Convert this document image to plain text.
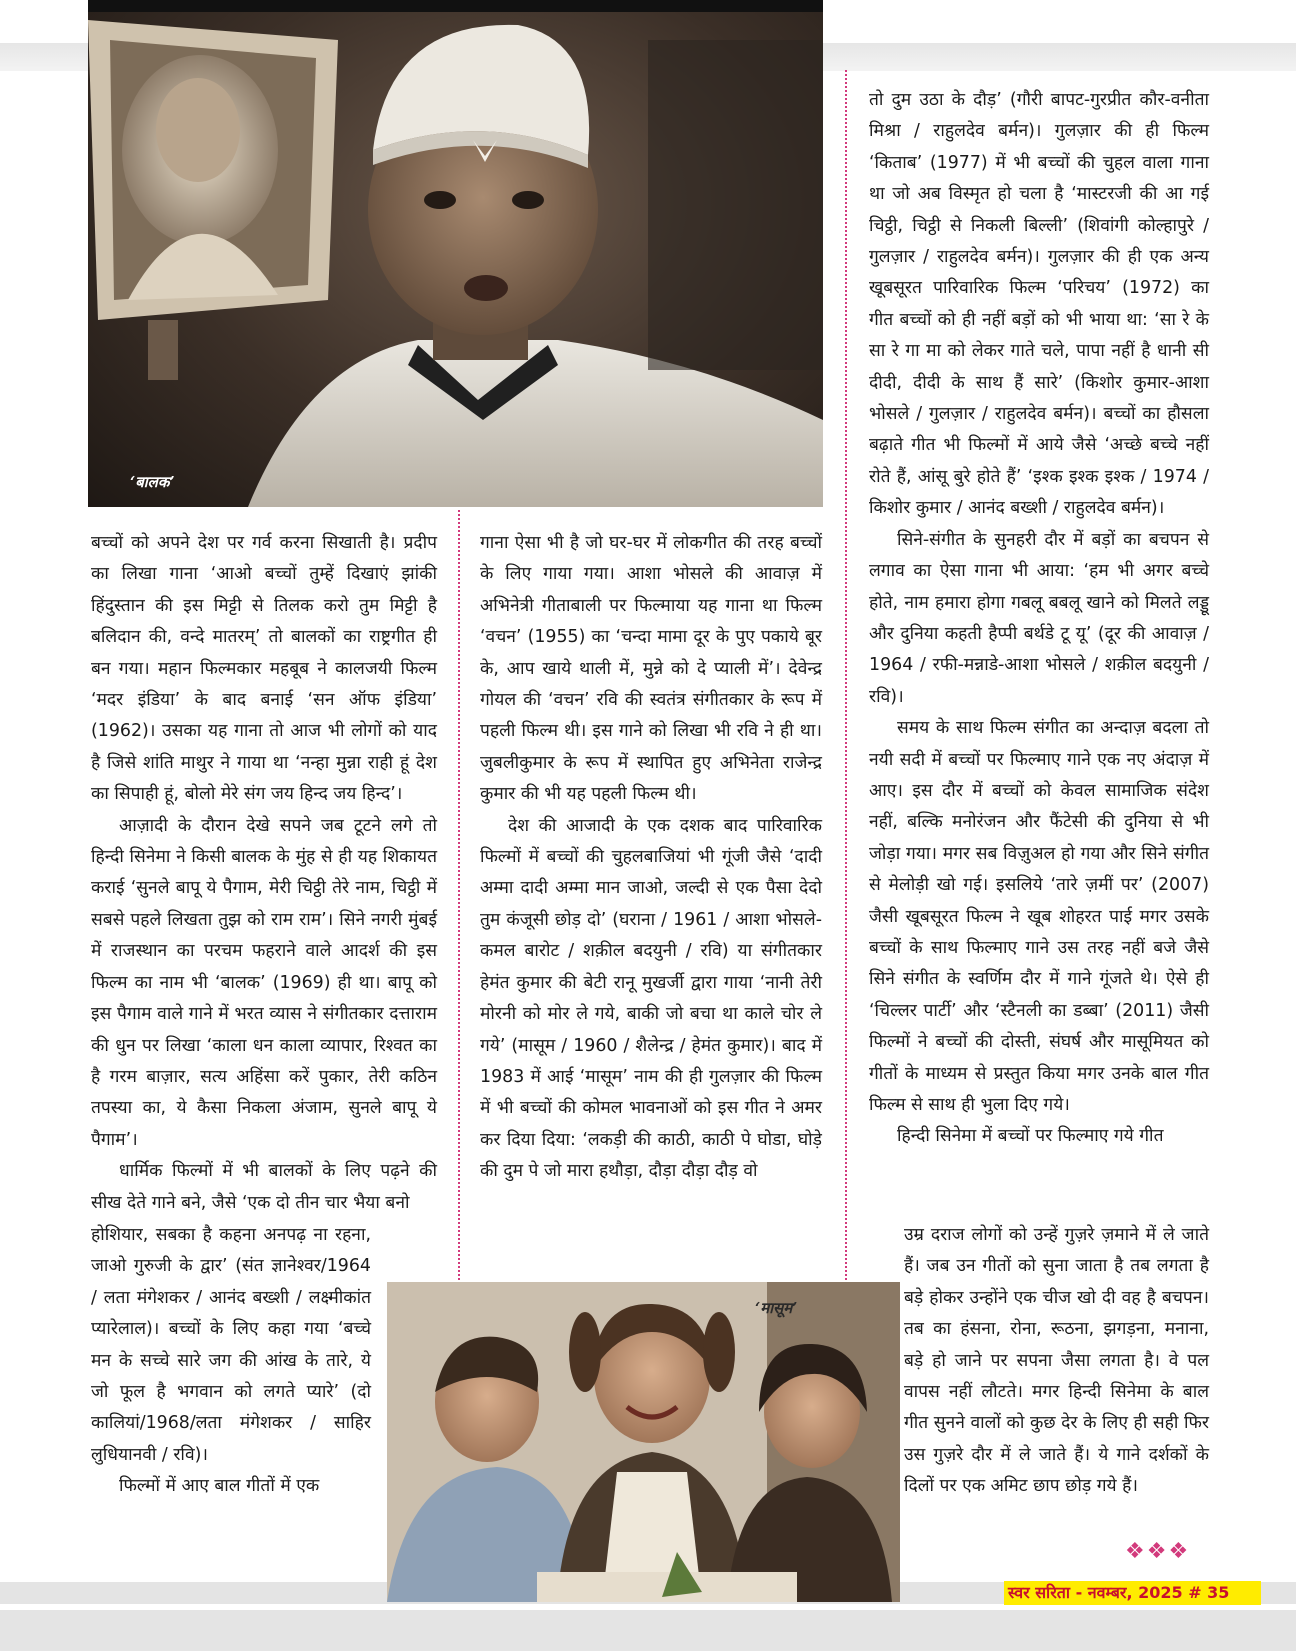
‘बालक’

बच्चों को अपने देश पर गर्व करना सिखाती है। प्रदीप का लिखा गाना ‘आओ बच्चों तुम्हें दिखाएं झांकी हिंदुस्तान की इस मिट्टी से तिलक करो तुम मिट्टी है बलिदान की, वन्दे मातरम्’ तो बालकों का राष्ट्रगीत ही बन गया। महान फिल्मकार महबूब ने कालजयी फिल्म ‘मदर इंडिया’ के बाद बनाई ‘सन ऑफ इंडिया’ (1962)। उसका यह गाना तो आज भी लोगों को याद है जिसे शांति माथुर ने गाया था ‘नन्हा मुन्ना राही हूं देश का सिपाही हूं, बोलो मेरे संग जय हिन्द जय हिन्द’।

आज़ादी के दौरान देखे सपने जब टूटने लगे तो हिन्दी सिनेमा ने किसी बालक के मुंह से ही यह शिकायत कराई ‘सुनले बापू ये पैगाम, मेरी चिट्ठी तेरे नाम, चिट्ठी में सबसे पहले लिखता तुझ को राम राम’। सिने नगरी मुंबई में राजस्थान का परचम फहराने वाले आदर्श की इस फिल्म का नाम भी ‘बालक’ (1969) ही था। बापू को इस पैगाम वाले गाने में भरत व्यास ने संगीतकार दत्ताराम की धुन पर लिखा ‘काला धन काला व्यापार, रिश्वत का है गरम बाज़ार, सत्य अहिंसा करें पुकार, तेरी कठिन तपस्या का, ये कैसा निकला अंजाम, सुनले बापू ये पैगाम’।

धार्मिक फिल्मों में भी बालकों के लिए पढ़ने की सीख देते गाने बने, जैसे ‘एक दो तीन चार भैया बनो

होशियार, सबका है कहना अनपढ़ ना रहना, जाओ गुरुजी के द्वार’ (संत ज्ञानेश्वर/1964 / लता मंगेशकर / आनंद बख्शी / लक्ष्मीकांत प्यारेलाल)। बच्चों के लिए कहा गया ‘बच्चे मन के सच्चे सारे जग की आंख के तारे, ये जो फूल है भगवान को लगते प्यारे’ (दो कालियां/1968/लता मंगेशकर / साहिर लुधियानवी / रवि)।

फिल्मों में आए बाल गीतों में एक

गाना ऐसा भी है जो घर-घर में लोकगीत की तरह बच्चों के लिए गाया गया। आशा भोसले की आवाज़ में अभिनेत्री गीताबाली पर फिल्माया यह गाना था फिल्म ‘वचन’ (1955) का ‘चन्दा मामा दूर के पुए पकाये बूर के, आप खाये थाली में, मुन्ने को दे प्याली में’। देवेन्द्र गोयल की ‘वचन’ रवि की स्वतंत्र संगीतकार के रूप में पहली फिल्म थी। इस गाने को लिखा भी रवि ने ही था। जुबलीकुमार के रूप में स्थापित हुए अभिनेता राजेन्द्र कुमार की भी यह पहली फिल्म थी।

देश की आजादी के एक दशक बाद पारिवारिक फिल्मों में बच्चों की चुहलबाजियां भी गूंजी जैसे ‘दादी अम्मा दादी अम्मा मान जाओ, जल्दी से एक पैसा देदो तुम कंजूसी छोड़ दो’ (घराना / 1961 / आशा भोसले-कमल बारोट / शक़ील बदयुनी / रवि) या संगीतकार हेमंत कुमार की बेटी रानू मुखर्जी द्वारा गाया ‘नानी तेरी मोरनी को मोर ले गये, बाकी जो बचा था काले चोर ले गये’ (मासूम / 1960 / शैलेन्द्र / हेमंत कुमार)। बाद में 1983 में आई ‘मासूम’ नाम की ही गुलज़ार की फिल्म में भी बच्चों की कोमल भावनाओं को इस गीत ने अमर कर दिया दिया: ‘लकड़ी की काठी, काठी पे घोडा, घोड़े की दुम पे जो मारा हथौड़ा, दौड़ा दौड़ा दौड़ वो

तो दुम उठा के दौड़’ (गौरी बापट-गुरप्रीत कौर-वनीता मिश्रा / राहुलदेव बर्मन)। गुलज़ार की ही फिल्म ‘किताब’ (1977) में भी बच्चों की चुहल वाला गाना था जो अब विस्मृत हो चला है ‘मास्टरजी की आ गई चिट्ठी, चिट्ठी से निकली बिल्ली’ (शिवांगी कोल्हापुरे / गुलज़ार / राहुलदेव बर्मन)। गुलज़ार की ही एक अन्य खूबसूरत पारिवारिक फिल्म ‘परिचय’ (1972) का गीत बच्चों को ही नहीं बड़ों को भी भाया था: ‘सा रे के सा रे गा मा को लेकर गाते चले, पापा नहीं है धानी सी दीदी, दीदी के साथ हैं सारे’ (किशोर कुमार-आशा भोसले / गुलज़ार / राहुलदेव बर्मन)। बच्चों का हौसला बढ़ाते गीत भी फिल्मों में आये जैसे ‘अच्छे बच्चे नहीं रोते हैं, आंसू बुरे होते हैं’ ‘इश्क इश्क इश्क / 1974 / किशोर कुमार / आनंद बख्शी / राहुलदेव बर्मन)।

सिने-संगीत के सुनहरी दौर में बड़ों का बचपन से लगाव का ऐसा गाना भी आया: ‘हम भी अगर बच्चे होते, नाम हमारा होगा गबलू बबलू खाने को मिलते लड्डू और दुनिया कहती हैप्पी बर्थडे टू यू’ (दूर की आवाज़ / 1964 / रफी-मन्नाडे-आशा भोसले / शक़ील बदयुनी / रवि)।

समय के साथ फिल्म संगीत का अन्दाज़ बदला तो नयी सदी में बच्चों पर फिल्माए गाने एक नए अंदाज़ में आए। इस दौर में बच्चों को केवल सामाजिक संदेश नहीं, बल्कि मनोरंजन और फैंटेसी की दुनिया से भी जोड़ा गया। मगर सब विज़ुअल हो गया और सिने संगीत से मेलोड़ी खो गई। इसलिये ‘तारे ज़मीं पर’ (2007) जैसी खूबसूरत फिल्म ने खूब शोहरत पाई मगर उसके बच्चों के साथ फिल्माए गाने उस तरह नहीं बजे जैसे सिने संगीत के स्वर्णिम दौर में गाने गूंजते थे। ऐसे ही ‘चिल्लर पार्टी’ और ‘स्टैनली का डब्बा’ (2011) जैसी फिल्मों ने बच्चों की दोस्ती, संघर्ष और मासूमियत को गीतों के माध्यम से प्रस्तुत किया मगर उनके बाल गीत फिल्म से साथ ही भुला दिए गये।

हिन्दी सिनेमा में बच्चों पर फिल्माए गये गीत

उम्र दराज लोगों को उन्हें गुज़रे ज़माने में ले जाते हैं। जब उन गीतों को सुना जाता है तब लगता है बड़े होकर उन्होंने एक चीज खो दी वह है बचपन। तब का हंसना, रोना, रूठना, झगड़ना, मनाना, बड़े हो जाने पर सपना जैसा लगता है। वे पल वापस नहीं लौटते। मगर हिन्दी सिनेमा के बाल गीत सुनने वालों को कुछ देर के लिए ही सही फिर उस गुज़रे दौर में ले जाते हैं। ये गाने दर्शकों के दिलों पर एक अमिट छाप छोड़ गये हैं।

‘मासूम’
❖❖❖
स्वर सरिता - नवम्बर, 2025 # 35
